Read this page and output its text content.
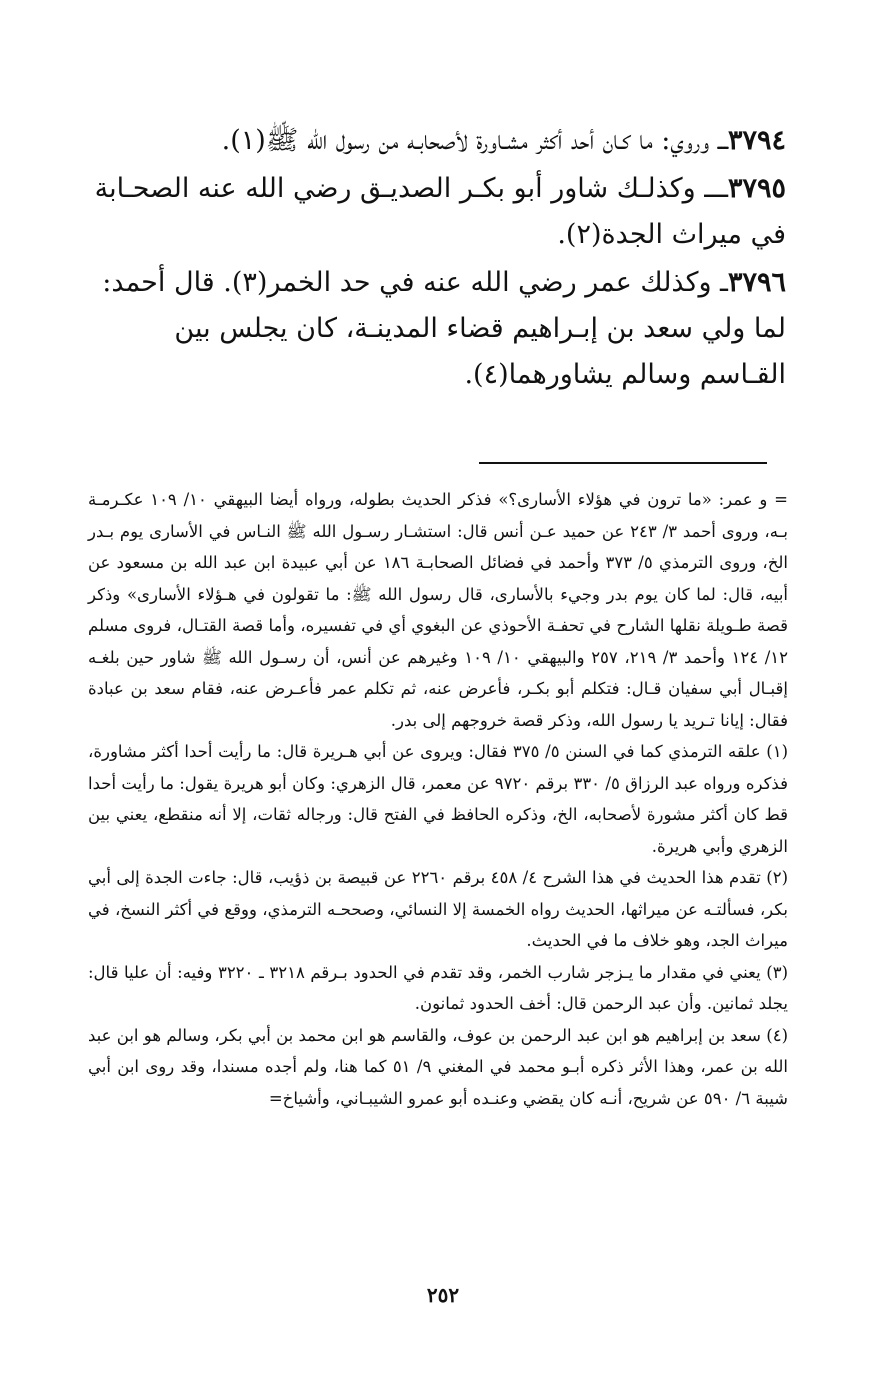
٣٧٩٤ـــ وروي: ما كـان أحد أكثر مشـاورة لأصحابـه من رسول الله ﷺ(١).

٣٧٩٥ـــ وكذلـك شاور أبو بكـر الصديـق رضي الله عنه الصحـابة في ميراث الجدة(٢).

٣٧٩٦ـ وكذلك عمر رضي الله عنه في حد الخمر(٣). قال أحمد: لما ولي سعد بن إبـراهيم قضاء المدينـة، كان يجلس بين القـاسم وسالم يشاورهما(٤).

= و عمر: «ما ترون في هؤلاء الأسارى؟» فذكر الحديث بطوله، ورواه أيضا البيهقي ١٠/ ١٠٩ عكـرمـة بـه، وروى أحمد ٣/ ٢٤٣ عن حميد عـن أنس قال: استشـار رسـول الله ﷺ النـاس في الأسارى يوم بـدر الخ، وروى الترمذي ٥/ ٣٧٣ وأحمد في فضائل الصحابـة ١٨٦ عن أبي عبيدة ابن عبد الله بن مسعود عن أبيه، قال: لما كان يوم بدر وجيء بالأسارى، قال رسول الله ﷺ: ما تقولون في هـؤلاء الأسارى» وذكر قصة طـويلة نقلها الشارح في تحفـة الأحوذي عن البغوي أي في تفسيره، وأما قصة القتـال، فروى مسلم ١٢/ ١٢٤ وأحمد ٣/ ٢١٩، ٢٥٧ والبيهقي ١٠/ ١٠٩ وغيرهم عن أنس، أن رسـول الله ﷺ شاور حين بلغـه إقبـال أبي سفيان قـال: فتكلم أبو بكـر، فأعرض عنه، ثم تكلم عمر فأعـرض عنه، فقام سعد بن عبادة فقال: إيانا تـريد يا رسول الله، وذكر قصة خروجهم إلى بدر.

(١) علقه الترمذي كما في السنن ٥/ ٣٧٥ فقال: ويروى عن أبي هـريرة قال: ما رأيت أحدا أكثر مشاورة، فذكره ورواه عبد الرزاق ٥/ ٣٣٠ برقم ٩٧٢٠ عن معمر، قال الزهري: وكان أبو هريرة يقول: ما رأيت أحدا قط كان أكثر مشورة لأصحابه، الخ، وذكره الحافظ في الفتح قال: ورجاله ثقات، إلا أنه منقطع، يعني بين الزهري وأبي هريرة.

(٢) تقدم هذا الحديث في هذا الشرح ٤/ ٤٥٨ برقم ٢٢٦٠ عن قبيصة بن ذؤيب، قال: جاءت الجدة إلى أبي بكر، فسألتـه عن ميراثها، الحديث رواه الخمسة إلا النسائي، وصححـه الترمذي، ووقع في أكثر النسخ، في ميراث الجد، وهو خلاف ما في الحديث.

(٣) يعني في مقدار ما يـزجر شارب الخمر، وقد تقدم في الحدود بـرقم ٣٢١٨ ـ ٣٢٢٠ وفيه: أن عليا قال: يجلد ثمانين. وأن عبد الرحمن قال: أخف الحدود ثمانون.

(٤) سعد بن إبراهيم هو ابن عبد الرحمن بن عوف، والقاسم هو ابن محمد بن أبي بكر، وسالم هو ابن عبد الله بن عمر، وهذا الأثر ذكره أبـو محمد في المغني ٩/ ٥١ كما هنا، ولم أجده مسندا، وقد روى ابن أبي شيبة ٦/ ٥٩٠ عن شريح، أنـه كان يقضي وعنـده أبو عمرو الشيبـاني، وأشياخ=

٢٥٢
